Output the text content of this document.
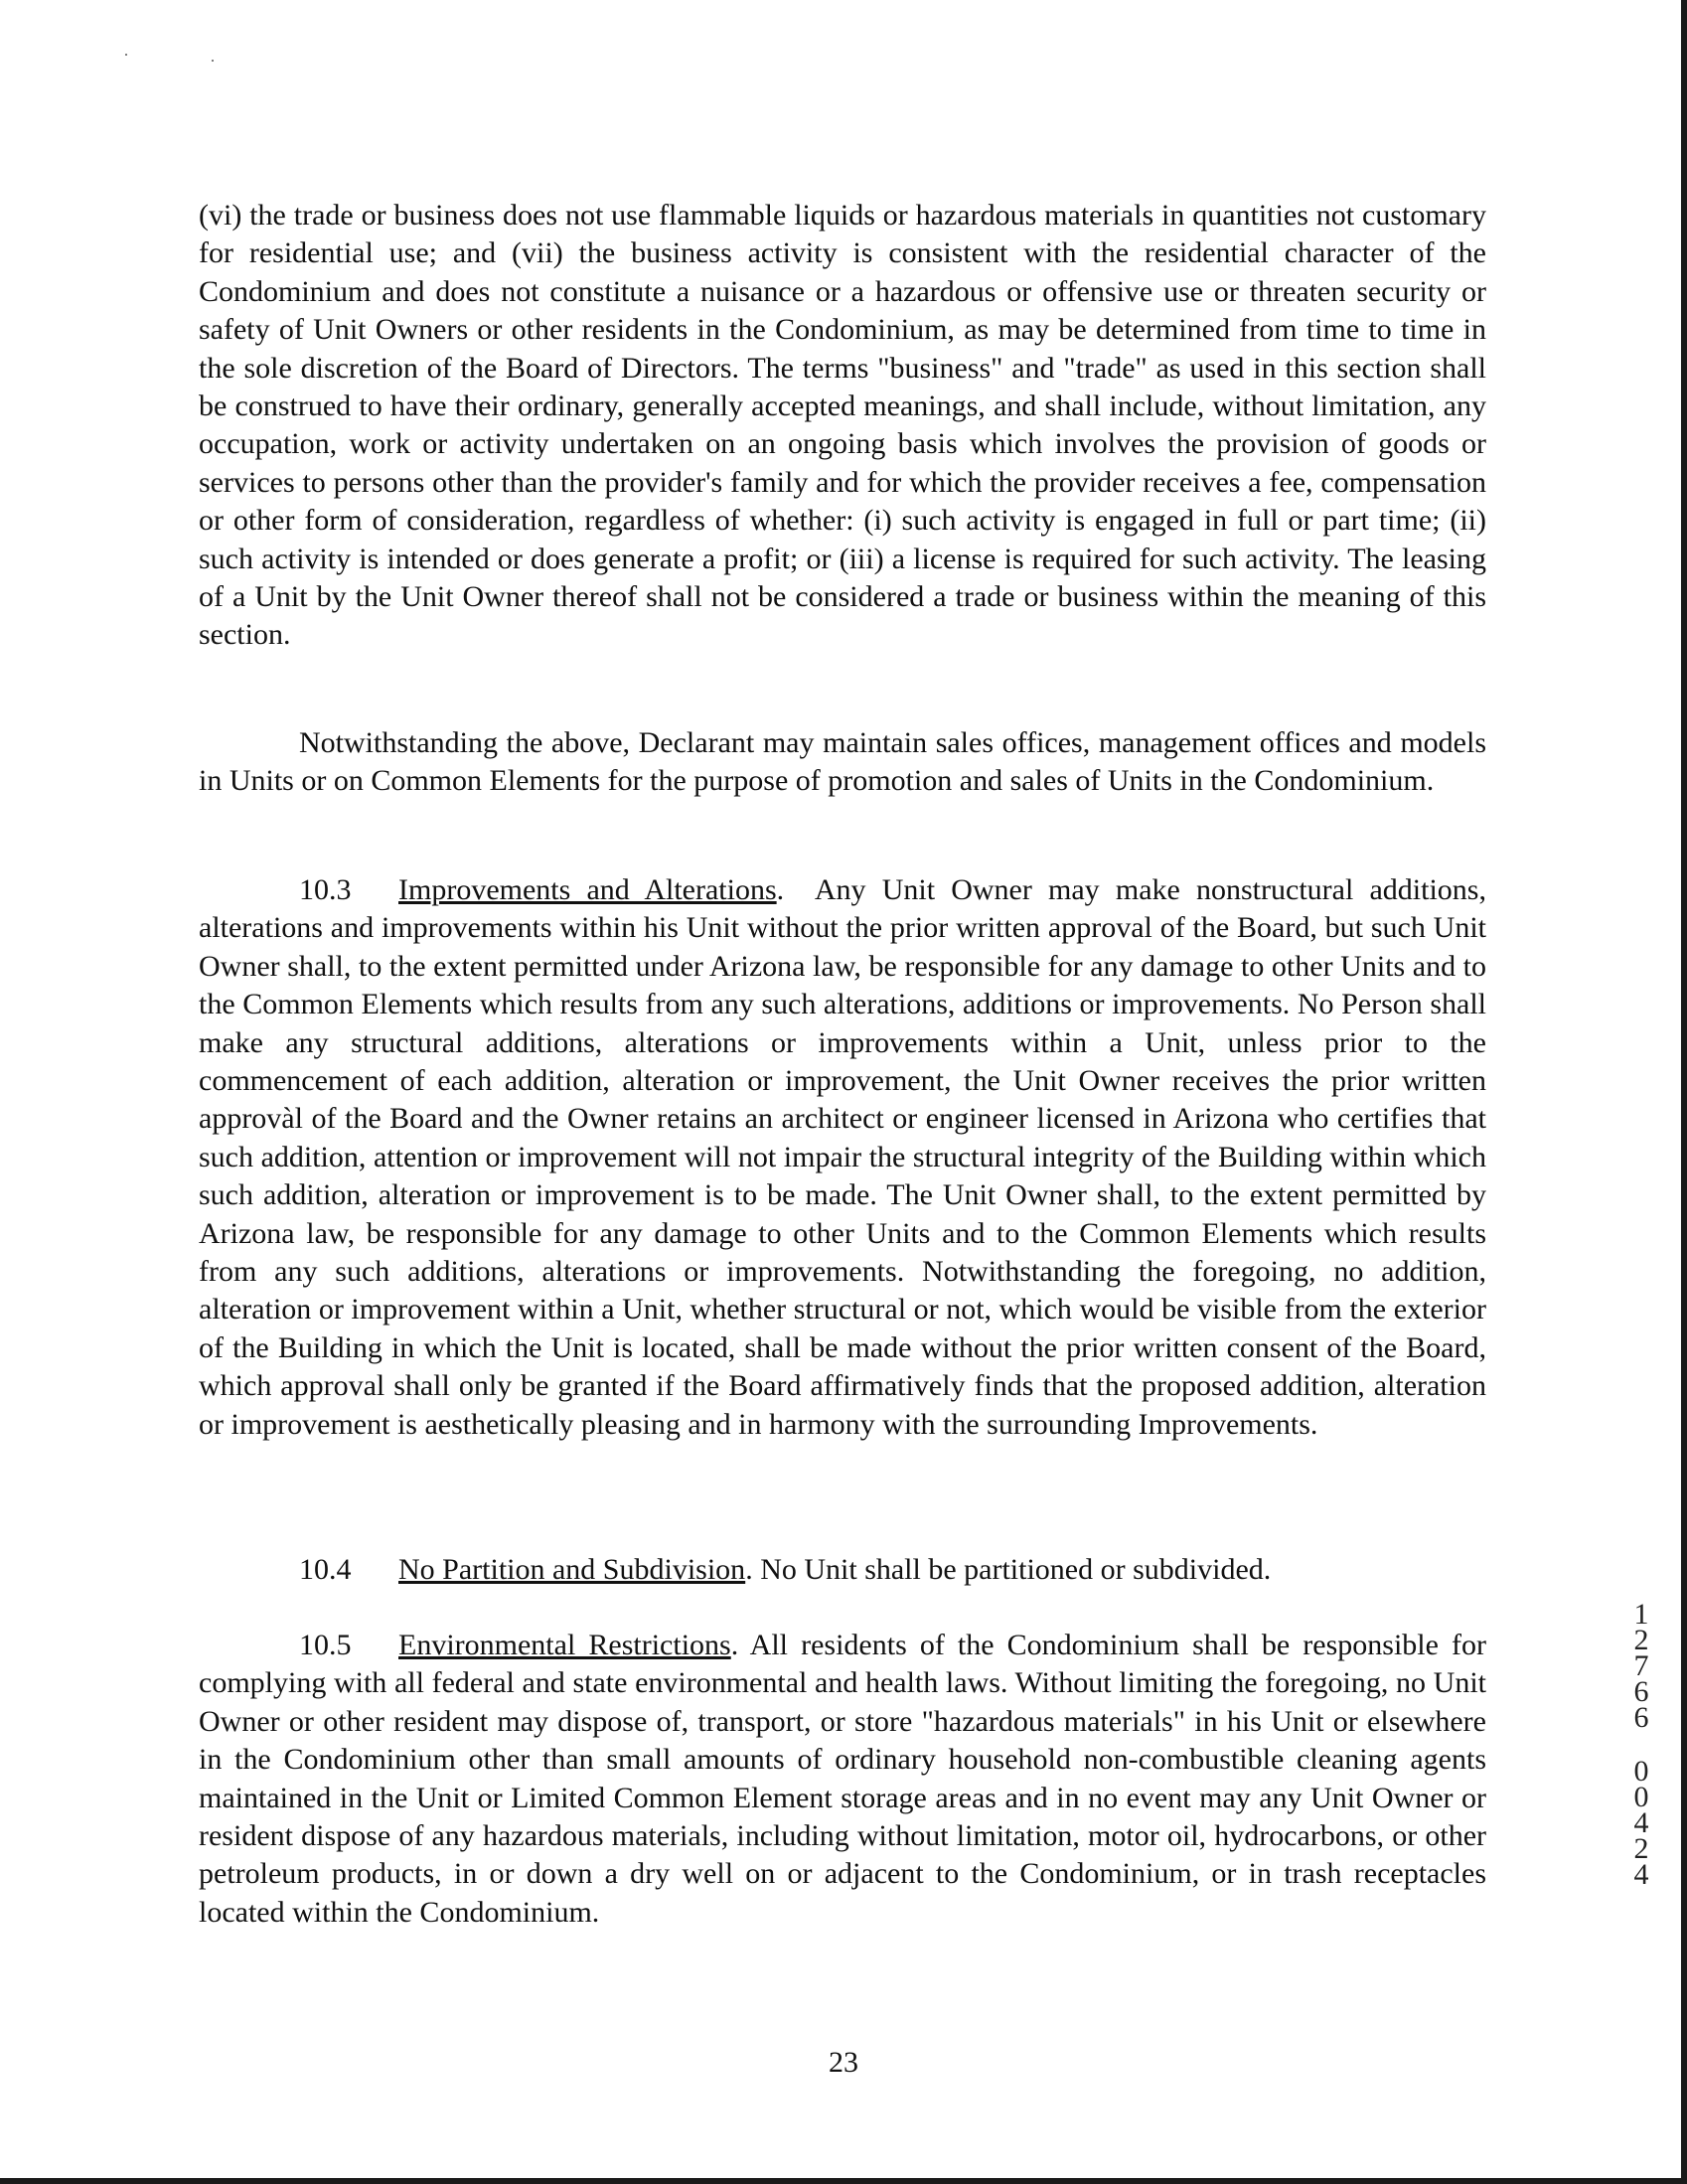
(vi) the trade or business does not use flammable liquids or hazardous materials in quantities not customary for residential use; and (vii) the business activity is consistent with the residential character of the Condominium and does not constitute a nuisance or a hazardous or offensive use or threaten security or safety of Unit Owners or other residents in the Condominium, as may be determined from time to time in the sole discretion of the Board of Directors. The terms "business" and "trade" as used in this section shall be construed to have their ordinary, generally accepted meanings, and shall include, without limitation, any occupation, work or activity undertaken on an ongoing basis which involves the provision of goods or services to persons other than the provider's family and for which the provider receives a fee, compensation or other form of consideration, regardless of whether: (i) such activity is engaged in full or part time; (ii) such activity is intended or does generate a profit; or (iii) a license is required for such activity. The leasing of a Unit by the Unit Owner thereof shall not be considered a trade or business within the meaning of this section.

Notwithstanding the above, Declarant may maintain sales offices, management offices and models in Units or on Common Elements for the purpose of promotion and sales of Units in the Condominium.

10.3 Improvements and Alterations.  Any Unit Owner may make nonstructural additions, alterations and improvements within his Unit without the prior written approval of the Board, but such Unit Owner shall, to the extent permitted under Arizona law, be responsible for any damage to other Units and to the Common Elements which results from any such alterations, additions or improvements. No Person shall make any structural additions, alterations or improvements within a Unit, unless prior to the commencement of each addition, alteration or improvement, the Unit Owner receives the prior written approvàl of the Board and the Owner retains an architect or engineer licensed in Arizona who certifies that such addition, attention or improvement will not impair the structural integrity of the Building within which such addition, alteration or improvement is to be made. The Unit Owner shall, to the extent permitted by Arizona law, be responsible for any damage to other Units and to the Common Elements which results from any such additions, alterations or improvements. Notwithstanding the foregoing, no addition, alteration or improvement within a Unit, whether structural or not, which would be visible from the exterior of the Building in which the Unit is located, shall be made without the prior written consent of the Board, which approval shall only be granted if the Board affirmatively finds that the proposed addition, alteration or improvement is aesthetically pleasing and in harmony with the surrounding Improvements.

10.4 No Partition and Subdivision. No Unit shall be partitioned or subdivided.

10.5 Environmental Restrictions. All residents of the Condominium shall be responsible for complying with all federal and state environmental and health laws. Without limiting the foregoing, no Unit Owner or other resident may dispose of, transport, or store "hazardous materials" in his Unit or elsewhere in the Condominium other than small amounts of ordinary household non-combustible cleaning agents maintained in the Unit or Limited Common Element storage areas and in no event may any Unit Owner or resident dispose of any hazardous materials, including without limitation, motor oil, hydrocarbons, or other petroleum products, in or down a dry well on or adjacent to the Condominium, or in trash receptacles located within the Condominium.

1
2
7
6
6
0
0
4
2
4
23
